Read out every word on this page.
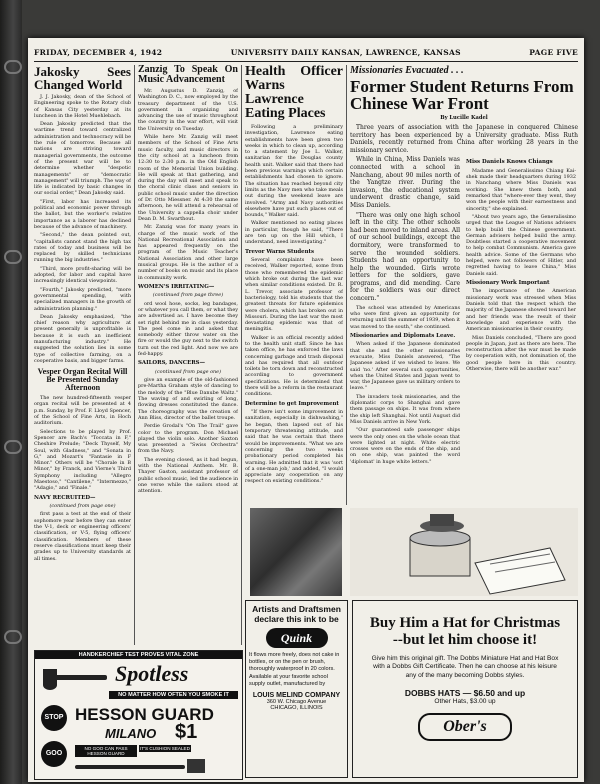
FRIDAY, DECEMBER 4, 1942	UNIVERSITY DAILY KANSAN, LAWRENCE, KANSAS	PAGE FIVE
Jakosky Sees Changed World

J. J. Jakosky, dean of the School of Engineering spoke to the Rotary club of Kansas City yesterday at its luncheon in the Hotel Muehlebach.

Dean Jakosky predicted that the wartime trend toward centralized administration and technocracy will be the rule of tomorrow. Because all nations are striving toward managerial governments, the outcome of the present war will be to determine whether "despotic managements" or "democratic management" will triumph. The way of life is indicated by basic changes in our social order," Dean Jakosky said.

"First, labor has increased its political and economic power through the ballot, but the worker's relative importance as a laborer has declined because of the advance of machinery.

"Second," the dean pointed out, "capitalists cannot stand the high tax rates of today and business will be replaced by skilled technicians running the big industries."

"Third, more profit-sharing will be adopted, for labor and capital have increasingly identical viewpoints.

"Fourth," Jakosky predicted, "more governmental spending, with specialized managers in the growth of administration planning."

Dean Jakosky emphasized, "the chief reason why agriculture at present generally is unprofitable is because it is such an inefficient manufacturing industry." He suggested the solution lies in some type of collective farming, on a cooperative basis, and bigger farms.

Vesper Organ Recital Will Be Presented Sunday Afternoon

The new hundred-fifteenth vesper organ recital will be presented at 4 p.m. Sunday, by Prof. F. Lloyd Spencer, of the School of Fine Arts, in Hoch auditorium.

Selections to be played by Prof. Spencer are Bach's "Toccata in F," Cheshire Prelude; "Deck Thyself, My Soul, with Gladness," and "Sonata in G," and Mozart's "Fantasie in F Minor." Others will be "Chorale in B Minor," by Franck, and Vierne's Third Symphony including "Allegro Maestoso," "Cantilene," "Intermezzo," "Adagio," and "Finale."

NAVY RECRUITED—

(continued from page one)

first pass a test at the end of their sophomore year before they can enter the V-1, deck or engineering officers' classification, or V-5, flying officers' classification. Members of these reserve classifications must keep their grades up to University standards at all times.

Zanzig To Speak On Music Advancement

Mr. Augustus D. Zanzig, of Washington D. C., now employed by the treasury department of the U.S. government in organizing and advancing the use of music throughout the country in the war effort, will visit the University on Tuesday.

While here Mr. Zanzig will meet members of the School of Fine Arts music faculty, and music directors in the city school at a luncheon from 12:30 to 2:30 p.m. in the Old English room of the Memorial Union building. He will speak at that gathering, and during the day will meet and speak to the choral clinic class and seniors in public school music under the direction of Dr. Otto Miessner. At 4:30 the same afternoon, he will attend a rehearsal of the University a cappella choir under Dean D. M. Swarthout.

Mr. Zanzig was for many years in charge of the music work of the National Recreational Association and has appeared frequently on the program of the Music Teacher's National Association and other large musical groups. He is the author of a number of books on music and its place in community work.

WOMEN'S IRRITATING—

(continued from page three)

ord wool hose, socks, leg bandages, or whatever you call them, or what they are advertised as. I have become they set right behind me in class yesterday. The peel come in and asked that somebody either throw water on the fire or would the guy next to the switch turn out the red light. And now we are fed-happy.

SAILORS, DANCERS—

(continued from page one)

give an example of the old-fashioned pre-Martha Graham style of dancing to the melody of the "Blue Danube Waltz." The waving of and swirling of long, flowing dresses constituted the dance. The choreography was the creation of Ann Bliss, director of the ballet troupe.

Perdie Grodal's "On The Trail" gave color to the program. Don Michael played the violin solo. Another Saxton was presented a "Swiss Orchestra" from the Navy.

The evening closed, as it had begun, with the National Anthem. Mr. B. Thayer Gaston, assistant professor of public school music, led the audience in one verse while the sailors stood at attention.

Health Officer Warns Lawrence Eating Places

Following a preliminary investigation, Lawrence eating establishments have been given two weeks in which to clean up, according to a statement by Joe L. Walker, sanitarian for the Douglas county health unit. Walker said that there had been previous warnings which certain establishments had chosen to ignore. The situation has reached beyond city limits as the Navy men who take meals out during the weekend leave are involved. "Army and Navy authorities elsewhere have put such places out of bounds," Walker said.

Walker mentioned no eating places in particular, though he said, "There are ten up on the Hill which, I understand, need investigating."

Trevor Warns Students

Several complaints have been received, Walker reported, some from those who remembered the epidemic which broke out during the last war when similar conditions existed. Dr. R. L. Trevor, associate professor of bacteriology, told his students that the greatest threats for future epidemics were cholera, which has broken out in Missouri. During the last war the most devastating epidemic was that of meningitis.

Walker is an official recently added to the health unit staff. Since he has taken office, he has enforced the laws concerning garbage and trash disposal and has required that all outdoor toilets be torn down and reconstructed according to government specifications. He is determined that there will be a reform in the restaurant conditions.

Determine to get Improvement

"If there isn't some improvement in sanitation, especially in dishwashing," he began, then lapsed out of his temporary threatening attitude, and said that he was certain that there would be improvements. "What we are concerning the two weeks probationary period completed his warning. He admitted that it was 'sort of a one-man job,' and added, "I would appreciate any cooperation on any respect on existing conditions."

Missionaries Evacuated . . .
Former Student Returns From Chinese War Front
By Lucille Kadel

Three years of association with the Japanese in conquered Chinese territory has been experienced by a University graduate. Miss Ruth Daniels, recently returned from China after working 28 years in the missionary service.

While in China, Miss Daniels was connected with a school in Nanchang, about 90 miles north of the Yangtze river. During the invasion, the educational system underwent drastic change, said Miss Daniels.

"There was only one high school left in the city. The other schools had been moved to inland areas. All of our school buildings, except the dormitory, were transformed to serve the wounded soldiers. Students had an opportunity to help the wounded. Girls wrote letters for the soldiers, gave programs, and did mending. Care for the soldiers was our direct concern."

The school was attended by Americans who were first given an opportunity for returning until the summer of 1939, when it was moved to the south," she continued.

Missionaries and Diplomats Leave.

When asked if the Japanese dominated that she and the other missionaries evacuate, Miss Daniels answered, "The Japanese asked if we wished to leave. We said 'no.' After several such opportunities, when the United States and Japan went to war, the Japanese gave us military orders to leave."

The invaders took missionaries, and the diplomatic corps to Shanghai and gave them passage on ships. It was from where the ship left Shanghai. Not until August did Miss Daniels arrive in New York.

"Our guaranteed safe passenger ships were the only ones on the whole ocean that were lighted at night. White electric crosses were on the ends of the ship, and on one ship, was painted the word 'diplomat' in huge white letters."

Miss Daniels Knows Chiangs

Madame and Generalissimo Chiang Kai-shek made their headquarters during 1932 in Nanchang where Miss Daniels was working. She knew them both, and remarked that "where-ever they went, they won the people with their earnestness and sincerity," she explained.

"About two years ago, the Generalissimo urged that the League of Nations advisers to help build the Chinese government. German advisers helped build the army. Doubtless started a cooperative movement to help combat Communism. America gave health advice. Some of the Germans who helped, were not followers of Hitler, and regretted having to leave China," Miss Daniels said.

Missionary Work Important

The importance of the American missionary work was stressed when Miss Daniels told that the respect which the majority of the Japanese showed toward her and her friends was the result of their knowledge and experience with the American missionaries in their country.

Miss Daniels concluded, "There are good people in Japan, just as there are here. The reconstruction after the war must be made by cooperation with, not domination of, the good people here in this country. Otherwise, there will be another war."

Artists and Draftsmen declare this ink to be
Quink
It flows more freely, does not cake in bottles, or on the pen or brush, thoroughly waterproof in 20 colors. Available at your favorite school supply outlet, manufactured by
LOUIS MELIND COMPANY
360 W. Chicago Avenue
CHICAGO, ILLINOIS
HANDKERCHIEF TEST PROVES VITAL ZONE
Spotless
NO MATTER HOW OFTEN YOU SMOKE IT
STOP
GOO
HESSON GUARD
MILANO $1
NO GOO CAN PASS HESSON GUARD
IT'S CUSHION SEALED
Buy Him a Hat for Christmas
--but let him choose it!
Give him this original gift. The Dobbs Miniature Hat and Hat Box with a Dobbs Gift Certificate. Then he can choose at his leisure any of the many becoming Dobbs styles.
DOBBS HATS — $6.50 and up
Other Hats, $3.00 up
Ober's
